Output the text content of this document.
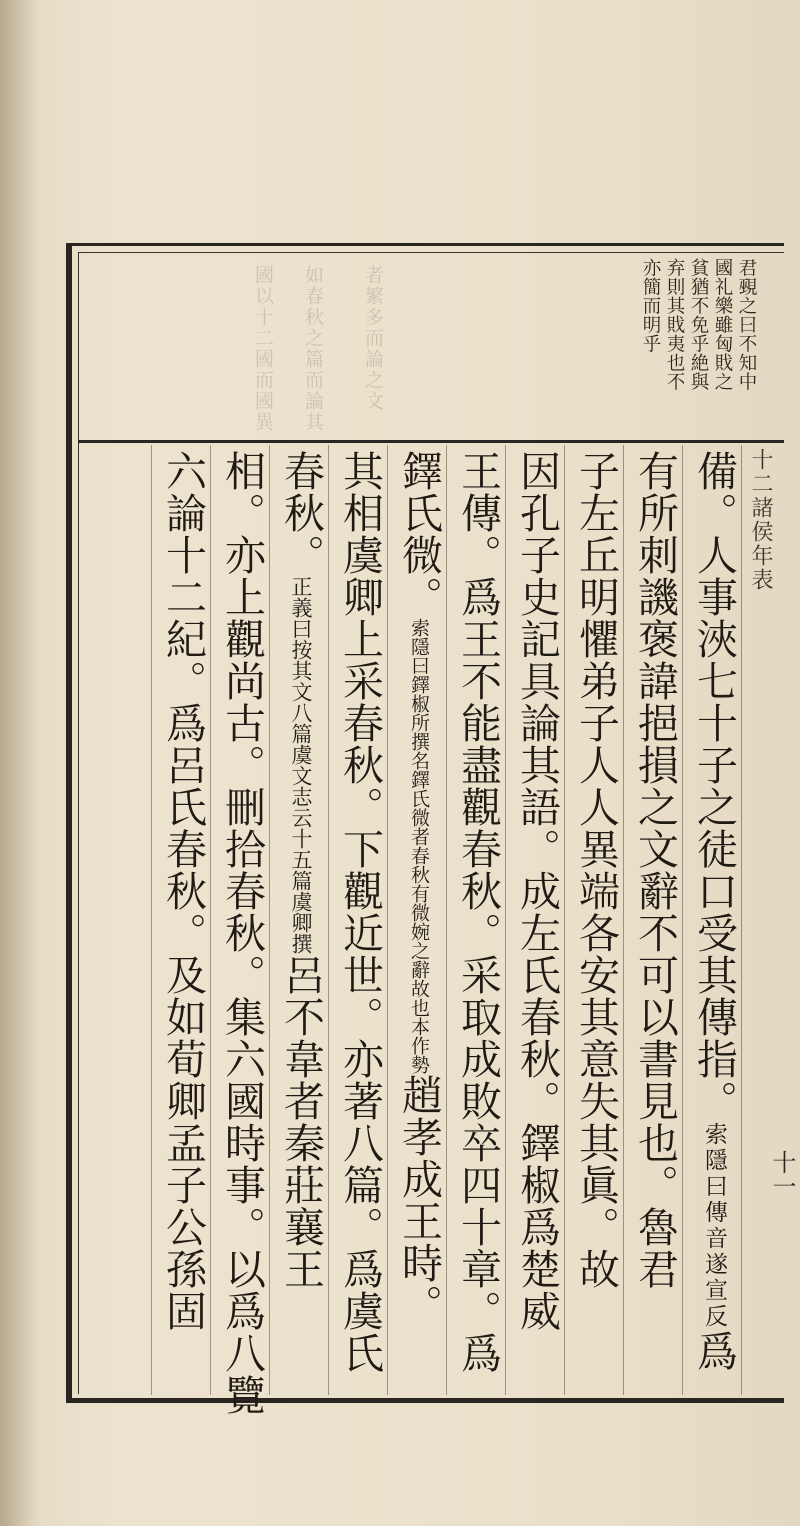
國以十二國而國異 如春秋之篇而論其 者繁多而論之文	君覡之曰不知中
國礼樂雖匈戝之
貧猶不免乎絶與
弃則其戝夷也不
亦簡而明乎
十二諸侯年表
十一
備。人事浹七十子之徒口受其傳指。索隱曰傳音遂宣反爲
有所刺譏褒諱挹損之文辭不可以書見也。魯君
子左丘明懼弟子人人異端各安其意失其眞。故
因孔子史記具論其語。成左氏春秋。鐸椒爲楚威
王傳。爲王不能盡觀春秋。采取成敗卒四十章。爲
鐸氏微。索隱曰鐸椒所撰名鐸氏微者春秋有微婉之辭故也本作勢趙孝成王時。
其相虞卿上采春秋。下觀近世。亦著八篇。爲虞氏
春秋。正義曰按其文八篇虞文志云十五篇虞卿撰呂不韋者秦莊襄王
相。亦上觀尚古。刪拾春秋。集六國時事。以爲八覽
六論十二紀。爲呂氏春秋。及如荀卿孟子公孫固
